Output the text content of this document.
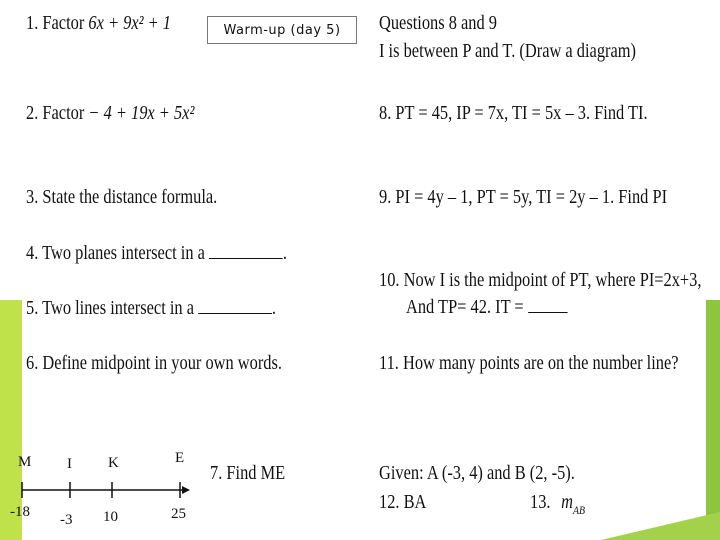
Warm-up (day 5)
1. Factor 6x + 9x² + 1
2. Factor − 4 + 19x + 5x²
3. State the distance formula.
4. Two planes intersect in a	.
5. Two lines intersect in a	.
6. Define midpoint in your own words.
7. Find ME
M
-18
I
-3
K
10
E
25
Questions 8 and 9
I is between P and T. (Draw a diagram)
8. PT = 45, IP = 7x, TI = 5x – 3. Find TI.
9. PI = 4y – 1, PT = 5y, TI = 2y – 1. Find PI
10. Now I is the midpoint of PT, where PI=2x+3,
And TP= 42. IT =
11. How many points are on the number line?
Given: A (-3, 4) and B (2, -5).
12. BA	13. $m_{AB}$
